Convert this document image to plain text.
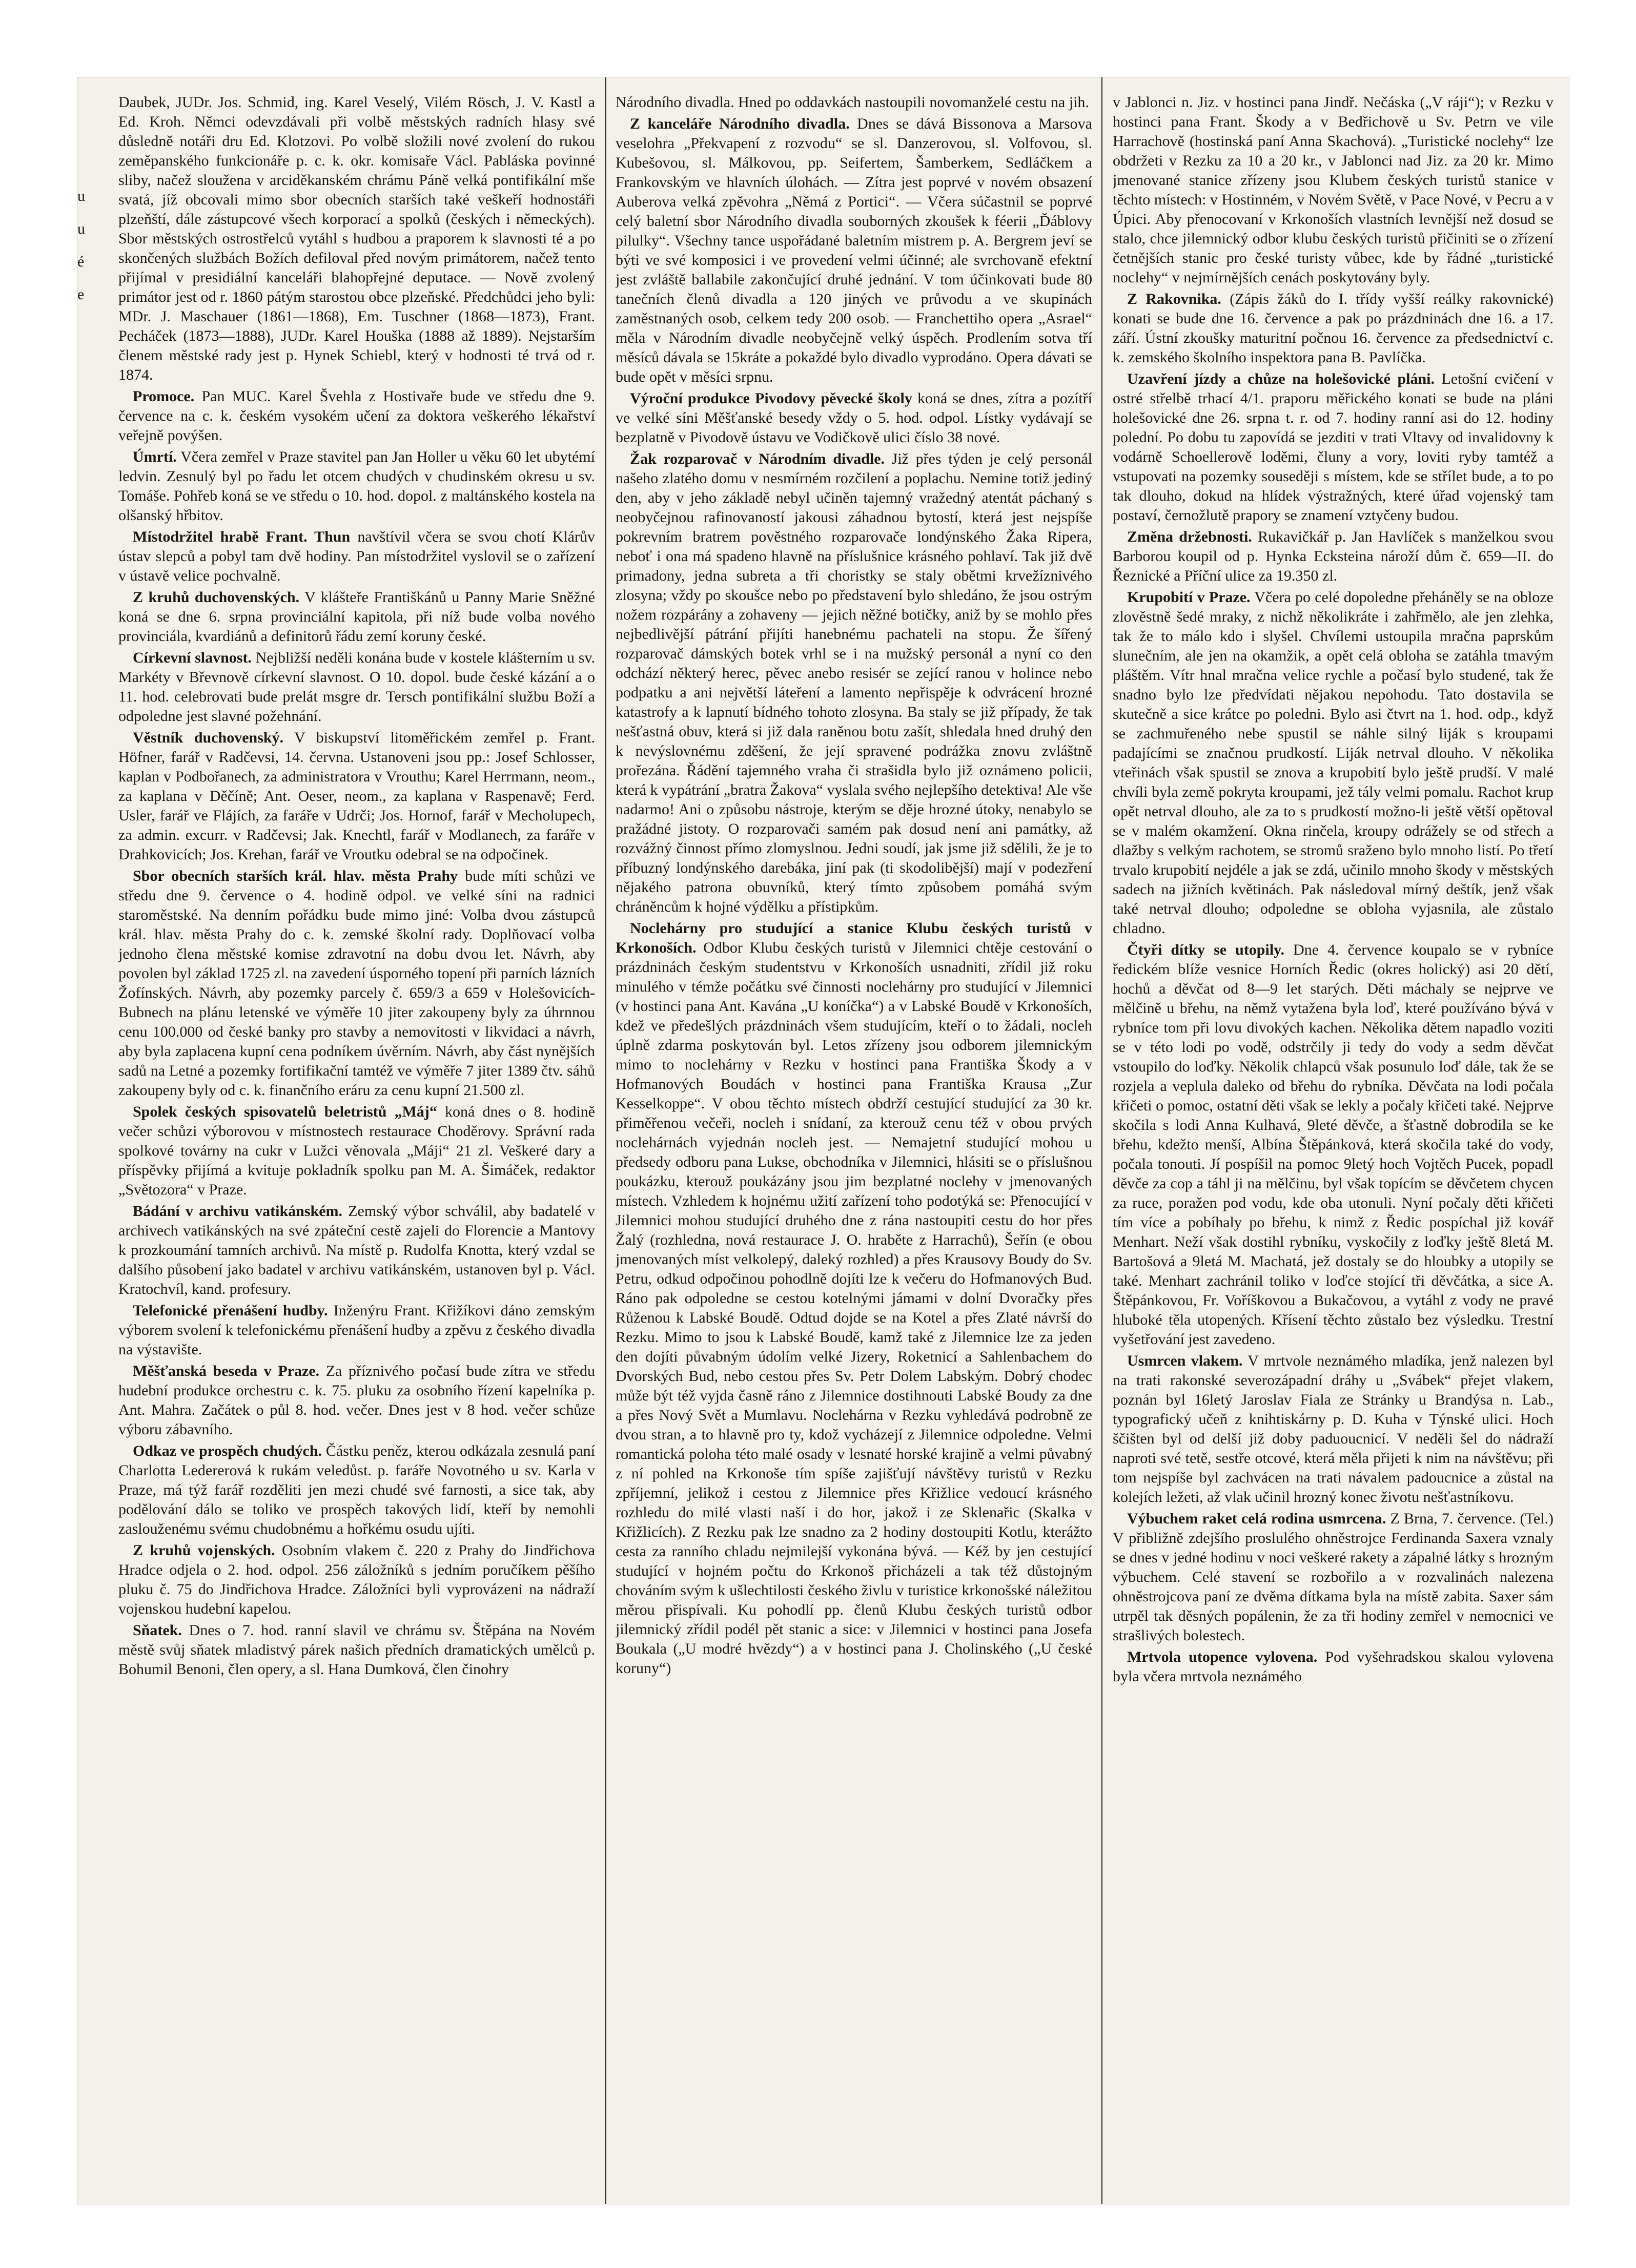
u
u
é
e

Daubek, JUDr. Jos. Schmid, ing. Karel Veselý, Vilém Rösch, J. V. Kastl a Ed. Kroh. Němci odevzdávali při volbě městských radních hlasy své důsledně notáři dru Ed. Klotzovi. Po volbě složili nové zvolení do rukou zeměpanského funkcionáře p. c. k. okr. komisaře Václ. Pabláska povinné sliby, načež sloužena v arciděkanském chrámu Páně velká pontifikální mše svatá, jíž obcovali mimo sbor obecních starších také veškeří hodnostáři plzeňští, dále zástupcové všech korporací a spolků (českých i německých). Sbor městských ostrostřelců vytáhl s hudbou a praporem k slavnosti té a po skončených službách Božích defiloval před novým primátorem, načež tento přijímal v presidiální kanceláři blahopřejné deputace. — Nově zvolený primátor jest od r. 1860 pátým starostou obce plzeňské. Předchůdci jeho byli: MDr. J. Maschauer (1861—1868), Em. Tuschner (1868—1873), Frant. Pecháček (1873—1888), JUDr. Karel Houška (1888 až 1889). Nejstarším členem městské rady jest p. Hynek Schiebl, který v hodnosti té trvá od r. 1874.

Promoce. Pan MUC. Karel Švehla z Hostivaře bude ve středu dne 9. července na c. k. českém vysokém učení za doktora veškerého lékařství veřejně povýšen.

Úmrtí. Včera zemřel v Praze stavitel pan Jan Holler u věku 60 let ubytémí ledvin. Zesnulý byl po řadu let otcem chudých v chudinském okresu u sv. Tomáše. Pohřeb koná se ve středu o 10. hod. dopol. z maltánského kostela na olšanský hřbitov.

Místodržitel hrabě Frant. Thun navštívil včera se svou chotí Klárův ústav slepců a pobyl tam dvě hodiny. Pan místodržitel vyslovil se o zařízení v ústavě velice pochvalně.

Z kruhů duchovenských. V klášteře Františkánů u Panny Marie Sněžné koná se dne 6. srpna provinciální kapitola, při níž bude volba nového provinciála, kvardiánů a definitorů řádu zemí koruny české.

Církevní slavnost. Nejbližší neděli konána bude v kostele klášterním u sv. Markéty v Břevnově církevní slavnost. O 10. dopol. bude české kázání a o 11. hod. celebrovati bude prelát msgre dr. Tersch pontifikální službu Boží a odpoledne jest slavné požehnání.

Věstník duchovenský. V biskupství litoměřickém zemřel p. Frant. Höfner, farář v Radčevsi, 14. června. Ustanoveni jsou pp.: Josef Schlosser, kaplan v Podbořanech, za administratora v Vrouthu; Karel Herrmann, neom., za kaplana v Děčíně; Ant. Oeser, neom., za kaplana v Raspenavě; Ferd. Usler, farář ve Flájích, za faráře v Udrči; Jos. Hornof, farář v Mecholupech, za admin. excurr. v Radčevsi; Jak. Knechtl, farář v Modlanech, za faráře v Drahkovicích; Jos. Krehan, farář ve Vroutku odebral se na odpočinek.

Sbor obecních starších král. hlav. města Prahy bude míti schůzi ve středu dne 9. července o 4. hodině odpol. ve velké síni na radnici staroměstské. Na denním pořádku bude mimo jiné: Volba dvou zástupců král. hlav. města Prahy do c. k. zemské školní rady. Doplňovací volba jednoho člena městské komise zdravotní na dobu dvou let. Návrh, aby povolen byl základ 1725 zl. na zavedení úsporného topení při parních lázních Žofínských. Návrh, aby pozemky parcely č. 659/3 a 659 v Holešovicích-Bubnech na plánu letenské ve výměře 10 jiter zakoupeny byly za úhrnnou cenu 100.000 od české banky pro stavby a nemovitosti v likvidaci a návrh, aby byla zaplacena kupní cena podníkem úvěrním. Návrh, aby část nynějších sadů na Letné a pozemky fortifikační tamtéž ve výměře 7 jiter 1389 čtv. sáhů zakoupeny byly od c. k. finančního eráru za cenu kupní 21.500 zl.

Spolek českých spisovatelů beletristů „Máj“ koná dnes o 8. hodině večer schůzi výborovou v místnostech restaurace Choděrovy. Správní rada spolkové továrny na cukr v Lužci věnovala „Máji“ 21 zl. Veškeré dary a příspěvky přijímá a kvituje pokladník spolku pan M. A. Šimáček, redaktor „Světozora“ v Praze.

Bádání v archivu vatikánském. Zemský výbor schválil, aby badatelé v archivech vatikánských na své zpáteční cestě zajeli do Florencie a Mantovy k prozkoumání tamních archivů. Na místě p. Rudolfa Knotta, který vzdal se dalšího působení jako badatel v archivu vatikánském, ustanoven byl p. Václ. Kratochvíl, kand. profesury.

Telefonické přenášení hudby. Inženýru Frant. Křižíkovi dáno zemským výborem svolení k telefonickému přenášení hudby a zpěvu z českého divadla na výstavište.

Měšťanská beseda v Praze. Za příznivého počasí bude zítra ve středu hudební produkce orchestru c. k. 75. pluku za osobního řízení kapelníka p. Ant. Mahra. Začátek o půl 8. hod. večer. Dnes jest v 8 hod. večer schůze výboru zábavního.

Odkaz ve prospěch chudých. Částku peněz, kterou odkázala zesnulá paní Charlotta Ledererová k rukám veledůst. p. faráře Novotného u sv. Karla v Praze, má týž farář rozděliti jen mezi chudé své farnosti, a sice tak, aby podělování dálo se toliko ve prospěch takových lidí, kteří by nemohli zaslouženému svému chudobnému a hořkému osudu ujíti.

Z kruhů vojenských. Osobním vlakem č. 220 z Prahy do Jindřichova Hradce odjela o 2. hod. odpol. 256 záložníků s jedním poručíkem pěšího pluku č. 75 do Jindřichova Hradce. Záložníci byli vyprovázeni na nádraží vojenskou hudební kapelou.

Sňatek. Dnes o 7. hod. ranní slavil ve chrámu sv. Štěpána na Novém městě svůj sňatek mladistvý párek našich předních dramatických umělců p. Bohumil Benoni, člen opery, a sl. Hana Dumková, člen činohry

Národního divadla. Hned po oddavkách nastoupili novomanželé cestu na jih.

Z kanceláře Národního divadla. Dnes se dává Bissonova a Marsova veselohra „Překvapení z rozvodu“ se sl. Danzerovou, sl. Volfovou, sl. Kubešovou, sl. Málkovou, pp. Seifertem, Šamberkem, Sedláčkem a Frankovským ve hlavních úlohách. — Zítra jest poprvé v novém obsazení Auberova velká zpěvohra „Němá z Portici“. — Včera súčastnil se poprvé celý baletní sbor Národního divadla souborných zkoušek k féerii „Ďáblovy pilulky“. Všechny tance uspořádané baletním mistrem p. A. Bergrem jeví se býti ve své komposici i ve provedení velmi účinné; ale svrchovaně efektní jest zvláště ballabile zakončující druhé jednání. V tom účinkovati bude 80 tanečních členů divadla a 120 jiných ve průvodu a ve skupinách zaměstnaných osob, celkem tedy 200 osob. — Franchettiho opera „Asrael“ měla v Národním divadle neobyčejně velký úspěch. Prodlením sotva tří měsíců dávala se 15kráte a pokaždé bylo divadlo vyprodáno. Opera dávati se bude opět v měsíci srpnu.

Výroční produkce Pivodovy pěvecké školy koná se dnes, zítra a pozítří ve velké síni Měšťanské besedy vždy o 5. hod. odpol. Lístky vydávají se bezplatně v Pivodově ústavu ve Vodičkově ulici číslo 38 nové.

Žak rozparovač v Národním divadle. Již přes týden je celý personál našeho zlatého domu v nesmírném rozčilení a poplachu. Nemine totiž jediný den, aby v jeho základě nebyl učiněn tajemný vražedný atentát páchaný s neobyčejnou rafinovaností jakousi záhadnou bytostí, která jest nejspíše pokrevním bratrem pověstného rozparovače londýnského Žaka Ripera, neboť i ona má spadeno hlavně na příslušnice krásného pohlaví. Tak již dvě primadony, jedna subreta a tři choristky se staly obětmi krvežíznivého zlosyna; vždy po skoušce nebo po představení bylo shledáno, že jsou ostrým nožem rozpárány a zohaveny — jejich něžné botičky, aniž by se mohlo přes nejbedlivější pátrání přijíti hanebnému pachateli na stopu. Že šířený rozparovač dámských botek vrhl se i na mužský personál a nyní co den odchází některý herec, pěvec anebo resisér se zející ranou v holince nebo podpatku a ani největší láteření a lamento nepřispěje k odvrácení hrozné katastrofy a k lapnutí bídného tohoto zlosyna. Ba staly se již případy, že tak nešťastná obuv, která si již dala raněnou botu zašít, shledala hned druhý den k nevýslovnému zděšení, že její spravené podrážka znovu zvláštně prořezána. Řádění tajemného vraha či strašidla bylo již oznámeno policii, která k vypátrání „bratra Žakova“ vyslala svého nejlepšího detektiva! Ale vše nadarmo! Ani o způsobu nástroje, kterým se děje hrozné útoky, nenabylo se pražádné jistoty. O rozparovači samém pak dosud není ani památky, až rozvážný činnost přímo zlomyslnou. Jedni soudí, jak jsme již sdělili, že je to příbuzný londýnského darebáka, jiní pak (ti skodolibější) mají v podezření nějakého patrona obuvníků, který tímto způsobem pomáhá svým chráněncům k hojné výdělku a přístipkům.

Noclehárny pro studující a stanice Klubu českých turistů v Krkonoších. Odbor Klubu českých turistů v Jilemnici chtěje cestování o prázdninách českým studentstvu v Krkonoších usnadniti, zřídil již roku minulého v témže počátku své činnosti noclehárny pro studující v Jilemnici (v hostinci pana Ant. Kavána „U koníčka“) a v Labské Boudě v Krkonoších, kdež ve předešlých prázdninách všem studujícím, kteří o to žádali, nocleh úplně zdarma poskytován byl. Letos zřízeny jsou odborem jilemnickým mimo to noclehárny v Rezku v hostinci pana Františka Škody a v Hofmanových Boudách v hostinci pana Františka Krausa „Zur Kesselkoppe“. V obou těchto místech obdrží cestující studující za 30 kr. přiměřenou večeři, nocleh i snídaní, za kterouž cenu též v obou prvých noclehárnách vyjednán nocleh jest. — Nemajetní studující mohou u předsedy odboru pana Lukse, obchodníka v Jilemnici, hlásiti se o příslušnou poukázku, kterouž poukázány jsou jim bezplatné noclehy v jmenovaných místech. Vzhledem k hojnému užití zařízení toho podotýká se: Přenocující v Jilemnici mohou studující druhého dne z rána nastoupiti cestu do hor přes Žalý (rozhledna, nová restaurace J. O. hraběte z Harrachů), Šeřín (e obou jmenovaných míst velkolepý, daleký rozhled) a přes Krausovy Boudy do Sv. Petru, odkud odpočinou pohodlně dojíti lze k večeru do Hofmanových Bud. Ráno pak odpoledne se cestou kotelnými jámami v dolní Dvoračky přes Růženou k Labské Boudě. Odtud dojde se na Kotel a přes Zlaté návrší do Rezku. Mimo to jsou k Labské Boudě, kamž také z Jilemnice lze za jeden den dojíti půvabným údolím velké Jizery, Roketnicí a Sahlenbachem do Dvorských Bud, nebo cestou přes Sv. Petr Dolem Labským. Dobrý chodec může být též vyjda časně ráno z Jilemnice dostihnouti Labské Boudy za dne a přes Nový Svět a Mumlavu. Noclehárna v Rezku vyhledává podrobně ze dvou stran, a to hlavně pro ty, kdož vycházejí z Jilemnice odpoledne. Velmi romantická poloha této malé osady v lesnaté horské krajině a velmi půvabný z ní pohled na Krkonoše tím spíše zajišťují návštěvy turistů v Rezku zpříjemní, jelikož i cestou z Jilemnice přes Křižlice vedoucí krásného rozhledu do milé vlasti naší i do hor, jakož i ze Sklenařic (Skalka v Křižlicích). Z Rezku pak lze snadno za 2 hodiny dostoupiti Kotlu, kterážto cesta za ranního chladu nejmilejší vykonána bývá. — Kéž by jen cestující studující v hojném počtu do Krkonoš přicházeli a tak též důstojným chováním svým k ušlechtilosti českého živlu v turistice krkonošské náležitou měrou přispívali. Ku pohodlí pp. členů Klubu českých turistů odbor jilemnický zřídil podél pět stanic a sice: v Jilemnici v hostinci pana Josefa Boukala („U modré hvězdy“) a v hostinci pana J. Cholinského („U české koruny“)

v Jablonci n. Jiz. v hostinci pana Jindř. Nečáska („V ráji“); v Rezku v hostinci pana Frant. Škody a v Bedřichově u Sv. Petrn ve vile Harrachově (hostinská paní Anna Skachová). „Turistické noclehy“ lze obdržeti v Rezku za 10 a 20 kr., v Jablonci nad Jiz. za 20 kr. Mimo jmenované stanice zřízeny jsou Klubem českých turistů stanice v těchto místech: v Hostinném, v Novém Světě, v Pace Nové, v Pecru a v Úpici. Aby přenocovaní v Krkonoších vlastních levnější než dosud se stalo, chce jilemnický odbor klubu českých turistů přičiniti se o zřízení četnějších stanic pro české turisty vůbec, kde by řádné „turistické noclehy“ v nejmírnějších cenách poskytovány byly.

Z Rakovnika. (Zápis žáků do I. třídy vyšší reálky rakovnické) konati se bude dne 16. července a pak po prázdninách dne 16. a 17. září. Ústní zkoušky maturitní počnou 16. července za předsednictví c. k. zemského školního inspektora pana B. Pavlíčka.

Uzavření jízdy a chůze na holešovické pláni. Letošní cvičení v ostré střelbě trhací 4/1. praporu měřického konati se bude na pláni holešovické dne 26. srpna t. r. od 7. hodiny ranní asi do 12. hodiny polední. Po dobu tu zapovídá se jezditi v trati Vltavy od invalidovny k vodárně Schoellerově loděmi, čluny a vory, loviti ryby tamtéž a vstupovati na pozemky souseději s místem, kde se střílet bude, a to po tak dlouho, dokud na hlídek výstražných, které úřad vojenský tam postaví, černožlutě prapory se znamení vztyčeny budou.

Změna držebnosti. Rukavičkář p. Jan Havlíček s manželkou svou Barborou koupil od p. Hynka Ecksteina nároží dům č. 659—II. do Řeznické a Příční ulice za 19.350 zl.

Krupobití v Praze. Včera po celé dopoledne přeháněly se na obloze zlověstně šedé mraky, z nichž několikráte i zahřmělo, ale jen zlehka, tak že to málo kdo i slyšel. Chvílemi ustoupila mračna paprskům slunečním, ale jen na okamžik, a opět celá obloha se zatáhla tmavým pláštěm. Vítr hnal mračna velice rychle a počasí bylo studené, tak že snadno bylo lze předvídati nějakou nepohodu. Tato dostavila se skutečně a sice krátce po poledni. Bylo asi čtvrt na 1. hod. odp., když se zachmuřeného nebe spustil se náhle silný liják s kroupami padajícími se značnou prudkostí. Liják netrval dlouho. V několika vteřinách však spustil se znova a krupobití bylo ještě prudší. V malé chvíli byla země pokryta kroupami, jež tály velmi pomalu. Rachot krup opět netrval dlouho, ale za to s prudkostí možno-li ještě větší opětoval se v malém okamžení. Okna rinčela, kroupy odrážely se od střech a dlažby s velkým rachotem, se stromů sraženo bylo mnoho listí. Po třetí trvalo krupobití nejdéle a jak se zdá, učinilo mnoho škody v městských sadech na jižních květinách. Pak následoval mírný deštík, jenž však také netrval dlouho; odpoledne se obloha vyjasnila, ale zůstalo chladno.

Čtyři dítky se utopily. Dne 4. července koupalo se v rybníce ředickém blíže vesnice Horních Ředic (okres holický) asi 20 dětí, hochů a děvčat od 8—9 let starých. Děti máchaly se nejprve ve mělčině u břehu, na němž vytažena byla loď, které používáno bývá v rybníce tom při lovu divokých kachen. Několika dětem napadlo voziti se v této lodi po vodě, odstrčily ji tedy do vody a sedm děvčat vstoupilo do loďky. Několik chlapců však posunulo loď dále, tak že se rozjela a veplula daleko od břehu do rybníka. Děvčata na lodi počala křičeti o pomoc, ostatní děti však se lekly a počaly křičeti také. Nejprve skočila s lodi Anna Kulhavá, 9leté děvče, a šťastně dobrodila se ke břehu, kdežto menší, Albína Štěpánková, která skočila také do vody, počala tonouti. Jí pospíšil na pomoc 9letý hoch Vojtěch Pucek, popadl děvče za cop a táhl ji na mělčinu, byl však topícím se děvčetem chycen za ruce, poražen pod vodu, kde oba utonuli. Nyní počaly děti křičeti tím více a pobíhaly po břehu, k nimž z Ředic pospíchal již kovář Menhart. Neží však dostihl rybníku, vyskočily z loďky ještě 8letá M. Bartošová a 9letá M. Machatá, jež dostaly se do hloubky a utopily se také. Menhart zachránil toliko v loďce stojící tři děvčátka, a sice A. Štěpánkovou, Fr. Voříškovou a Bukačovou, a vytáhl z vody ne pravé hluboké těla utopených. Křísení těchto zůstalo bez výsledku. Trestní vyšetřování jest zavedeno.

Usmrcen vlakem. V mrtvole neznámého mladíka, jenž nalezen byl na trati rakonské severozápadní dráhy u „Svábek“ přejet vlakem, poznán byl 16letý Jaroslav Fiala ze Stránky u Brandýsa n. Lab., typografický učeň z knihtiskárny p. D. Kuha v Týnské ulici. Hoch ščišten byl od delší již doby paduoucnicí. V neděli šel do nádraží naproti své tetě, sestře otcové, která měla přijeti k nim na návštěvu; při tom nejspíše byl zachvácen na trati návalem padoucnice a zůstal na kolejích ležeti, až vlak učinil hrozný konec životu nešťastníkovu.

Výbuchem raket celá rodina usmrcena. Z Brna, 7. července. (Tel.) V přibližně zdejšího proslulého ohněstrojce Ferdinanda Saxera vznaly se dnes v jedné hodinu v noci veškeré rakety a zápalné látky s hrozným výbuchem. Celé stavení se rozbořilo a v rozvalinách nalezena ohněstrojcova paní ze dvěma dítkama byla na místě zabita. Saxer sám utrpěl tak děsných popálenin, že za tři hodiny zemřel v nemocnici ve strašlivých bolestech.

Mrtvola utopence vylovena. Pod vyšehradskou skalou vylovena byla včera mrtvola neznámého
